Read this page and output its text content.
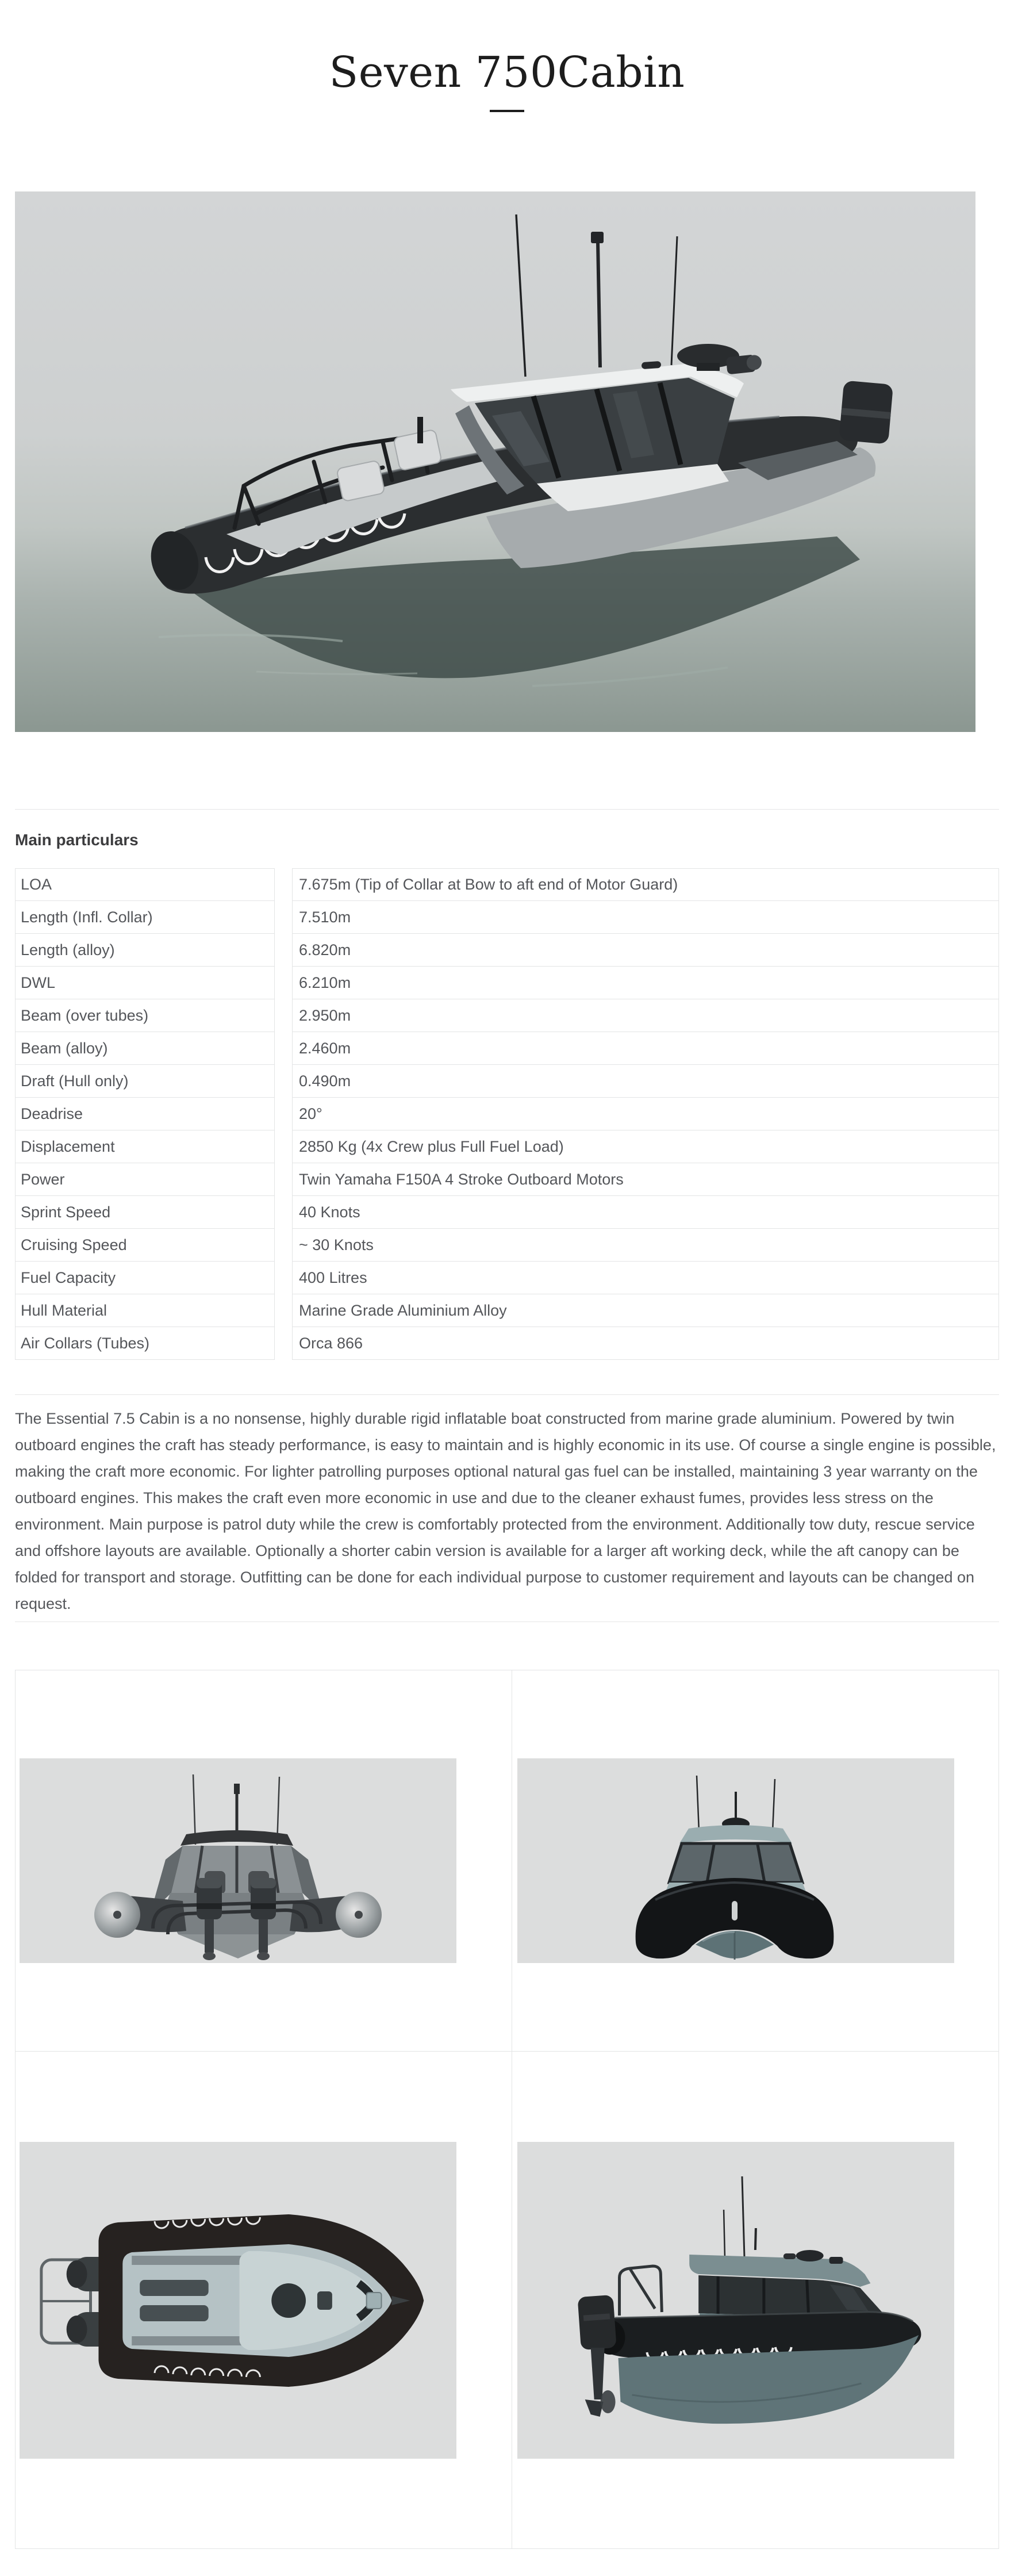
Seven 750Cabin
Main particulars
LOA	7.675m (Tip of Collar at Bow to aft end of Motor Guard)
Length (Infl. Collar)	7.510m
Length (alloy)	6.820m
DWL	6.210m
Beam (over tubes)	2.950m
Beam (alloy)	2.460m
Draft (Hull only)	0.490m
Deadrise	20°
Displacement	2850 Kg (4x Crew plus Full Fuel Load)
Power	Twin Yamaha F150A 4 Stroke Outboard Motors
Sprint Speed	40 Knots
Cruising Speed	~ 30 Knots
Fuel Capacity	400 Litres
Hull Material	Marine Grade Aluminium Alloy
Air Collars (Tubes)	Orca 866

The Essential 7.5 Cabin is a no nonsense, highly durable rigid inflatable boat constructed from marine grade aluminium. Powered by twin outboard engines the craft has steady performance, is easy to maintain and is highly economic in its use. Of course a single engine is possible, making the craft more economic. For lighter patrolling purposes optional natural gas fuel can be installed, maintaining 3 year warranty on the outboard engines. This makes the craft even more economic in use and due to the cleaner exhaust fumes, provides less stress on the environment. Main purpose is patrol duty while the crew is comfortably protected from the environment. Additionally tow duty, rescue service and offshore layouts are available. Optionally a shorter cabin version is available for a larger aft working deck, while the aft canopy can be folded for transport and storage. Outfitting can be done for each individual purpose to customer requirement and layouts can be changed on request.
